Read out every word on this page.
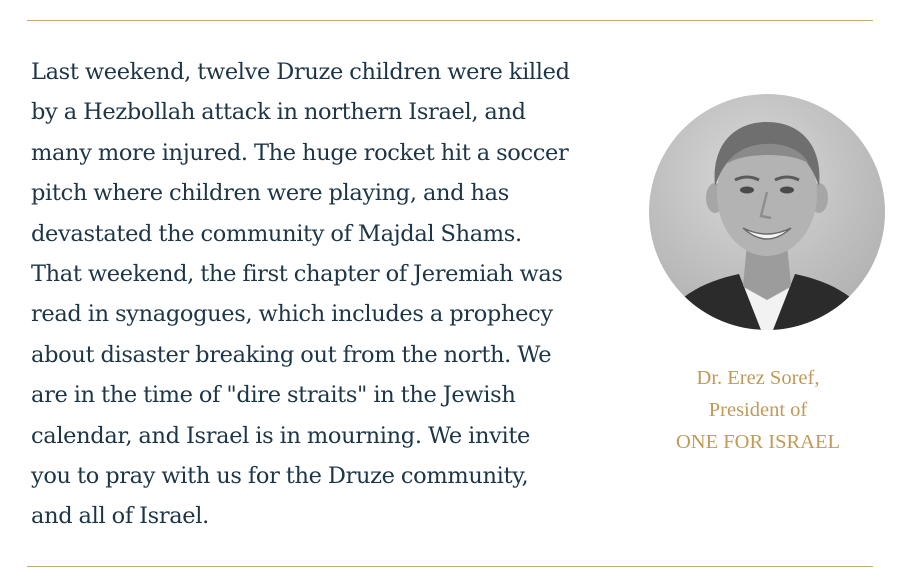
Last weekend, twelve Druze children were killed
by a Hezbollah attack in northern Israel, and
many more injured. The huge rocket hit a soccer
pitch where children were playing, and has
devastated the community of Majdal Shams.
That weekend, the first chapter of Jeremiah was
read in synagogues, which includes a prophecy
about disaster breaking out from the north. We
are in the time of "dire straits" in the Jewish
calendar, and Israel is in mourning. We invite
you to pray with us for the Druze community,
and all of Israel.

Dr. Erez Soref,
President of
ONE FOR ISRAEL
